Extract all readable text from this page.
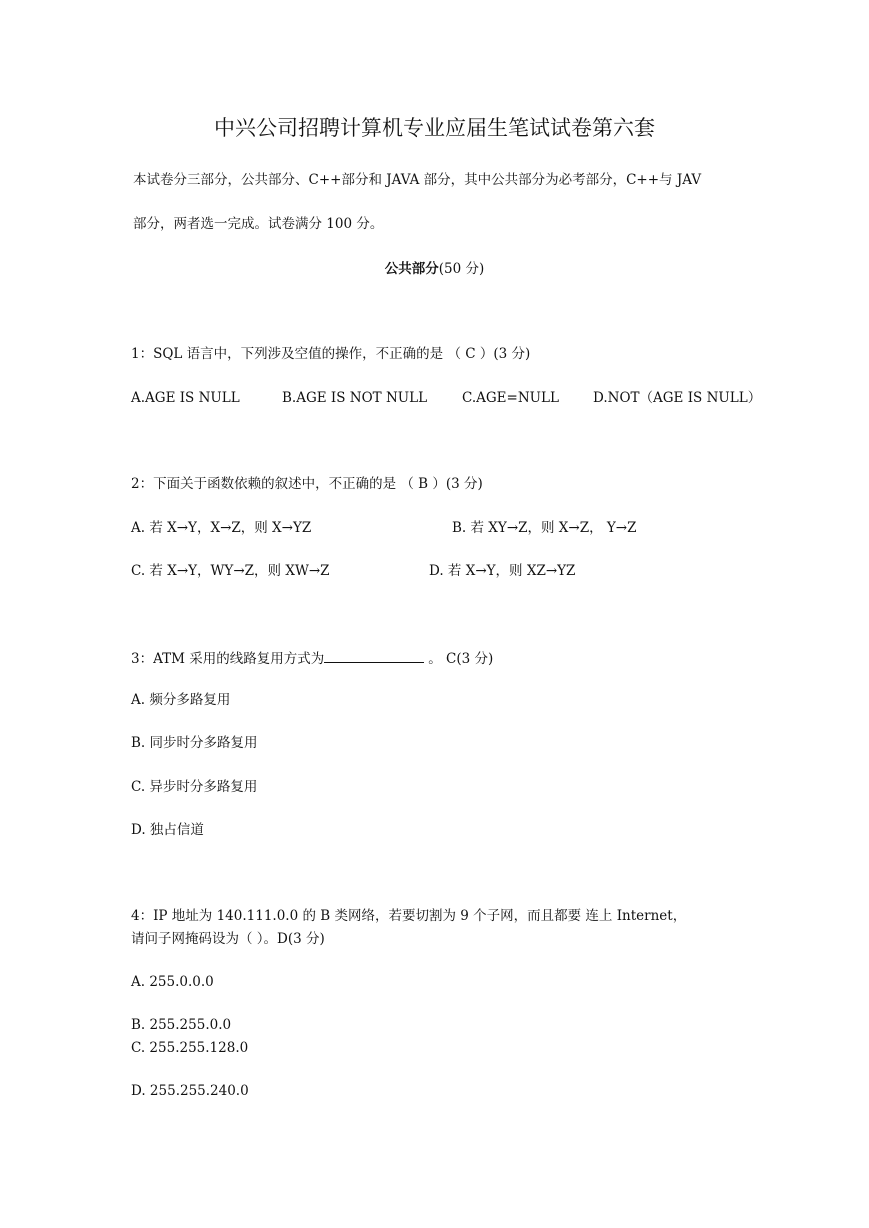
中兴公司招聘计算机专业应届生笔试试卷第六套
本试卷分三部分，公共部分、C++部分和 JAVA 部分，其中公共部分为必考部分，C++与 JAV
部分，两者选一完成。试卷满分 100 分。
公共部分(50 分)
1：SQL 语言中，下列涉及空值的操作，不正确的是 （ C ）(3 分)
A.AGE IS NULL	B.AGE IS NOT NULL	C.AGE=NULL	D.NOT（AGE IS NULL）
2：下面关于函数依赖的叙述中，不正确的是 （ B ）(3 分)
A. 若 X→Y，X→Z，则 X→YZ	B. 若 XY→Z，则 X→Z， Y→Z
C. 若 X→Y，WY→Z，则 XW→Z	D. 若 X→Y，则 XZ→YZ
3：ATM 采用的线路复用方式为	。 C(3 分)
A. 频分多路复用
B. 同步时分多路复用
C. 异步时分多路复用
D. 独占信道
4：IP 地址为 140.111.0.0 的 B 类网络，若要切割为 9 个子网，而且都要 连上 Internet，
请问子网掩码设为（ ）。D(3 分)
A. 255.0.0.0
B. 255.255.0.0
C. 255.255.128.0
D. 255.255.240.0
